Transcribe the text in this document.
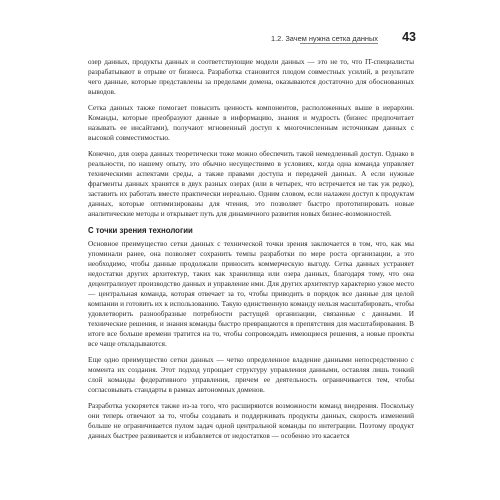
1.2. Зачем нужна сетка данных 43

озер данных, продукты данных и соответствующие модели данных — это не то, что IT-специалисты разрабатывают в отрыве от бизнеса. Разработка становится плодом совместных усилий, в результате чего данные, которые представлены за пределами домена, оказываются достаточно для обоснованных выводов.

Сетка данных также помогает повысить ценность компонентов, расположенных выше в иерархии. Команды, которые преобразуют данные в информацию, знания и мудрость (бизнес предпочитает называть ее инсайтами), получают мгновенный доступ к многочисленным источникам данных с высокой совместимостью.

Конечно, для озера данных теоретически тоже можно обеспечить такой немедленный доступ. Однако в реальности, по нашему опыту, это обычно несуществимо в условиях, когда одна команда управляет техническими аспектами среды, а также правами доступа и передачей данных. А если нужные фрагменты данных хранятся в двух разных озерах (или в четырех, что встречается не так уж редко), заставить их работать вместе практически нереально. Одним словом, если налажен доступ к продуктам данных, которые оптимизированы для чтения, это позволяет быстро прототипировать новые аналитические методы и открывает путь для динамичного развития новых бизнес-возможностей.

С точки зрения технологии

Основное преимущество сетки данных с технической точки зрения заключается в том, что, как мы упоминали ранее, она позволяет сохранить темпы разработки по мере роста организации, а это необходимо, чтобы данные продолжали приносить коммерческую выгоду. Сетка данных устраняет недостатки других архитектур, таких как хранилища или озера данных, благодаря тому, что она децентрализует производство данных и управление ими. Для других архитектур характерно узкое место — центральная команда, которая отвечает за то, чтобы приводить в порядок все данные для целой компании и готовить их к использованию. Такую единственную команду нельзя масштабировать, чтобы удовлетворить разнообразные потребности растущей организации, связанные с данными. И технические решения, и знания команды быстро превращаются в препятствия для масштабирования. В итоге все больше времени тратится на то, чтобы сопровождать имеющиеся решения, а новые проекты все чаще откладываются.

Еще одно преимущество сетки данных — четко определенное владение данными непосредственно с момента их создания. Этот подход упрощает структуру управления данными, оставляя лишь тонкий слой команды федеративного управления, причем ее деятельность ограничивается тем, чтобы согласовывать стандарты в рамках автономных доменов.

Разработка ускоряется также из-за того, что расширяются возможности команд внедрения. Поскольку они теперь отвечают за то, чтобы создавать и поддерживать продукты данных, скорость изменений больше не ограничивается пулом задач одной центральной команды по интеграции. Поэтому продукт данных быстрее развивается и избавляется от недостатков — особенно это касается
